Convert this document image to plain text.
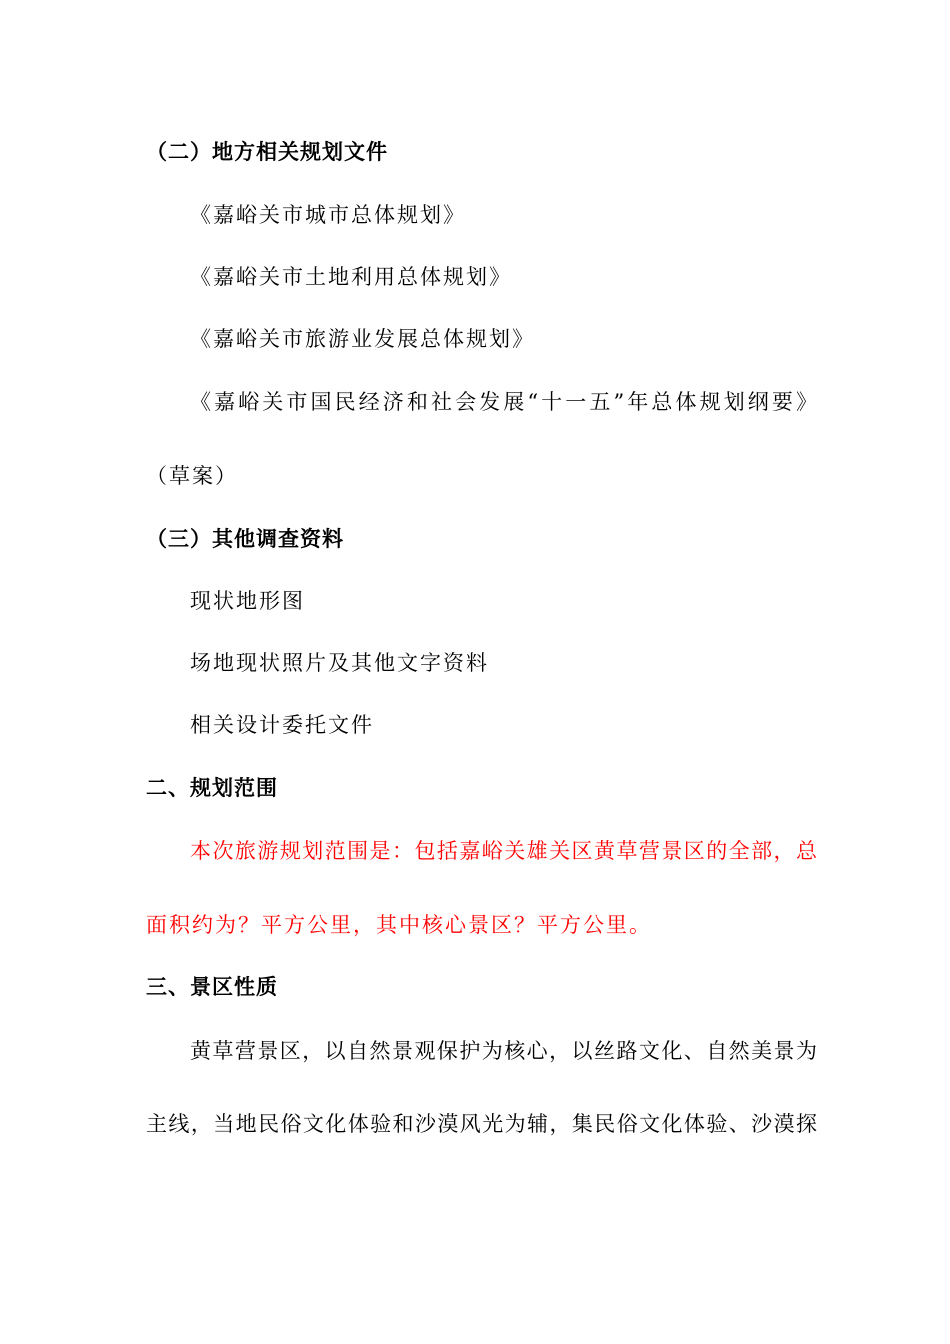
（二）地方相关规划文件
《嘉峪关市城市总体规划》
《嘉峪关市土地利用总体规划》
《嘉峪关市旅游业发展总体规划》
《嘉峪关市国民经济和社会发展“十一五”年总体规划纲要》
（草案）
（三）其他调查资料
现状地形图
场地现状照片及其他文字资料
相关设计委托文件
二、规划范围
本次旅游规划范围是：包括嘉峪关雄关区黄草营景区的全部，总
面积约为？平方公里，其中核心景区？平方公里。
三、景区性质
黄草营景区，以自然景观保护为核心，以丝路文化、自然美景为
主线，当地民俗文化体验和沙漠风光为辅，集民俗文化体验、沙漠探
